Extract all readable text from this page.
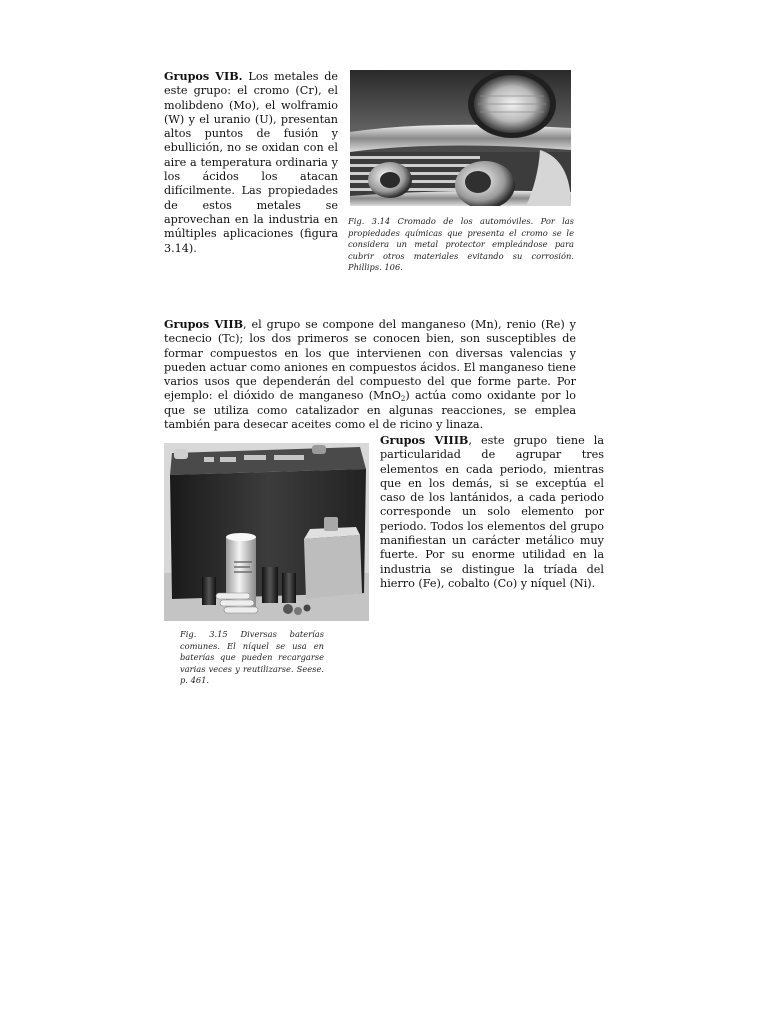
Grupos VIB. Los metales de este grupo: el cromo (Cr), el molibdeno (Mo), el wolframio (W) y el uranio (U), presentan altos puntos de fusión y ebullición, no se oxidan con el aire a temperatura ordinaria y los ácidos los atacan difícilmente. Las propiedades de estos metales se aprovechan en la industria en múltiples aplicaciones (figura 3.14).

Fig. 3.14 Cromado de los automóviles. Por las propiedades químicas que presenta el cromo se le considera un metal protector empleándose para cubrir otros materiales evitando su corrosión. Phillips. 106.

Grupos VIIB, el grupo se compone del manganeso (Mn), renio (Re) y tecnecio (Tc); los dos primeros se conocen bien, son susceptibles de formar compuestos en los que intervienen con diversas valencias y pueden actuar como aniones en compuestos ácidos. El manganeso tiene varios usos que dependerán del compuesto del que forme parte. Por ejemplo: el dióxido de manganeso (MnO$_2$) actúa como oxidante por lo que se utiliza como catalizador en algunas reacciones, se emplea también para desecar aceites como el de ricino y linaza.

Grupos VIIIB, este grupo tiene la particularidad de agrupar tres elementos en cada periodo, mientras que en los demás, si se exceptúa el caso de los lantánidos, a cada periodo corresponde un solo elemento por periodo. Todos los elementos del grupo manifiestan un carácter metálico muy fuerte. Por su enorme utilidad en la industria se distingue la tríada del hierro (Fe), cobalto (Co) y níquel (Ni).

Fig. 3.15 Diversas baterías comunes. El níquel se usa en baterías que pueden recargarse varias veces y reutilizarse. Seese. p. 461.
